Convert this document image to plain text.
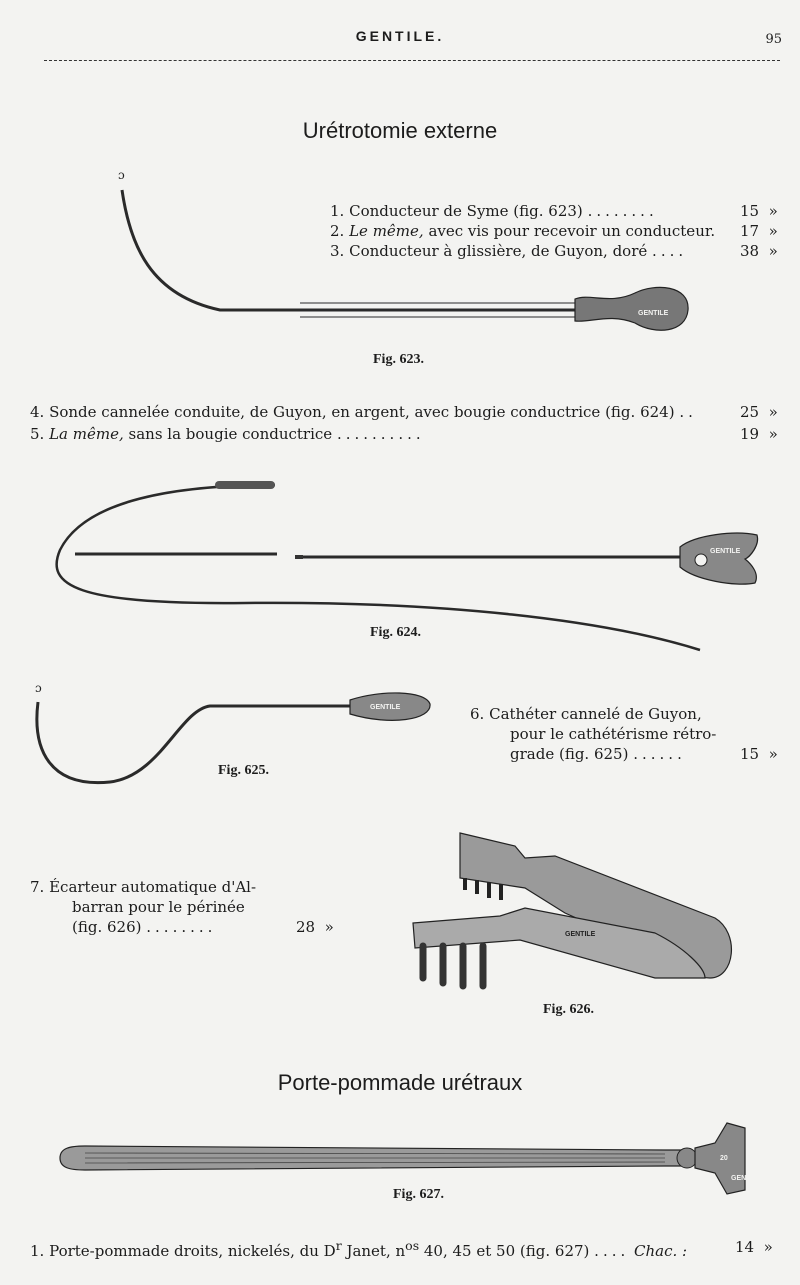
GENTILE.	95
Urétrotomie externe
GENTILE
ɔ
1. Conducteur de Syme (fig. 623) ........	15 »
2. Le même, avec vis pour recevoir un conducteur. 17 »
3. Conducteur à glissière, de Guyon, doré ....	38 »
Fig. 623.
4. Sonde cannelée conduite, de Guyon, en argent, avec bougie conductrice (fig. 624) ..	25 »
5. La même, sans la bougie conductrice ..........	19 »
GENTILE
Fig. 624.
GENTILE
ɔ
Fig. 625.
6. Cathéter cannelé de Guyon,
pour le cathétérisme rétro-
grade (fig. 625) ......	15 »
7. Écarteur automatique d'Al-
barran pour le périnée
(fig. 626) ........	28 »	GENTILE
Fig. 626.
Porte-pommade urétraux
20
GENTILE
Fig. 627.
1. Porte-pommade droits, nickelés, du $D^r$ Janet, $n^{os}$ 40, 45 et 50 (fig. 627) .... Chac. :	14 »
